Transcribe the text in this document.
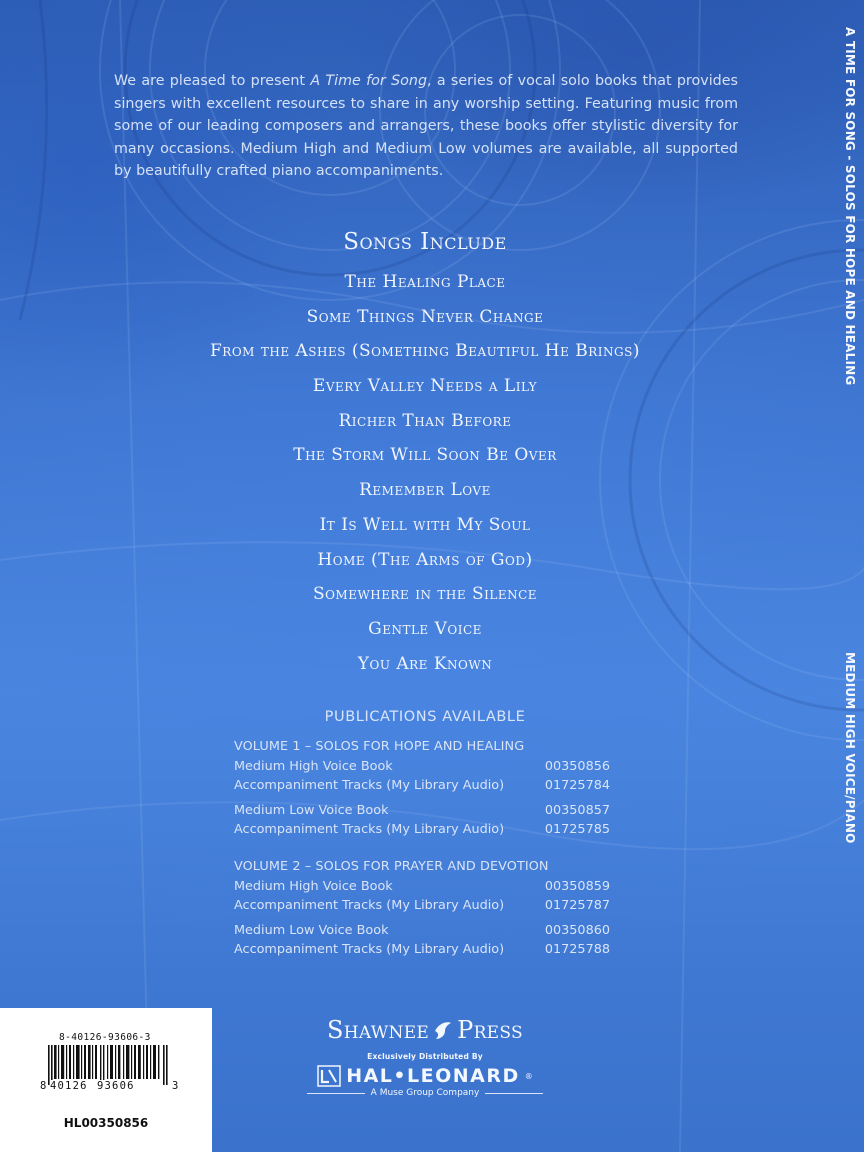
We are pleased to present A Time for Song, a series of vocal solo books that provides singers with excellent resources to share in any worship setting. Featuring music from some of our leading composers and arrangers, these books offer stylistic diversity for many occasions. Medium High and Medium Low volumes are available, all supported by beautifully crafted piano accompaniments.
Songs Include
The Healing Place
Some Things Never Change
From the Ashes (Something Beautiful He Brings)
Every Valley Needs a Lily
Richer Than Before
The Storm Will Soon Be Over
Remember Love
It Is Well with My Soul
Home (The Arms of God)
Somewhere in the Silence
Gentle Voice
You Are Known
PUBLICATIONS AVAILABLE
VOLUME 1 – SOLOS FOR HOPE AND HEALING
Medium High Voice Book	00350856
Accompaniment Tracks (My Library Audio)	01725784
Medium Low Voice Book	00350857
Accompaniment Tracks (My Library Audio)	01725785
VOLUME 2 – SOLOS FOR PRAYER AND DEVOTION
Medium High Voice Book	00350859
Accompaniment Tracks (My Library Audio)	01725787
Medium Low Voice Book	00350860
Accompaniment Tracks (My Library Audio)	01725788
A TIME FOR SONG - SOLOS FOR HOPE AND HEALING
MEDIUM HIGH VOICE/PIANO
8-40126-93606-3
8 40126 93606	3
HL00350856
Shawnee Press
Exclusively Distributed By
HAL•LEONARD ®
A Muse Group Company
